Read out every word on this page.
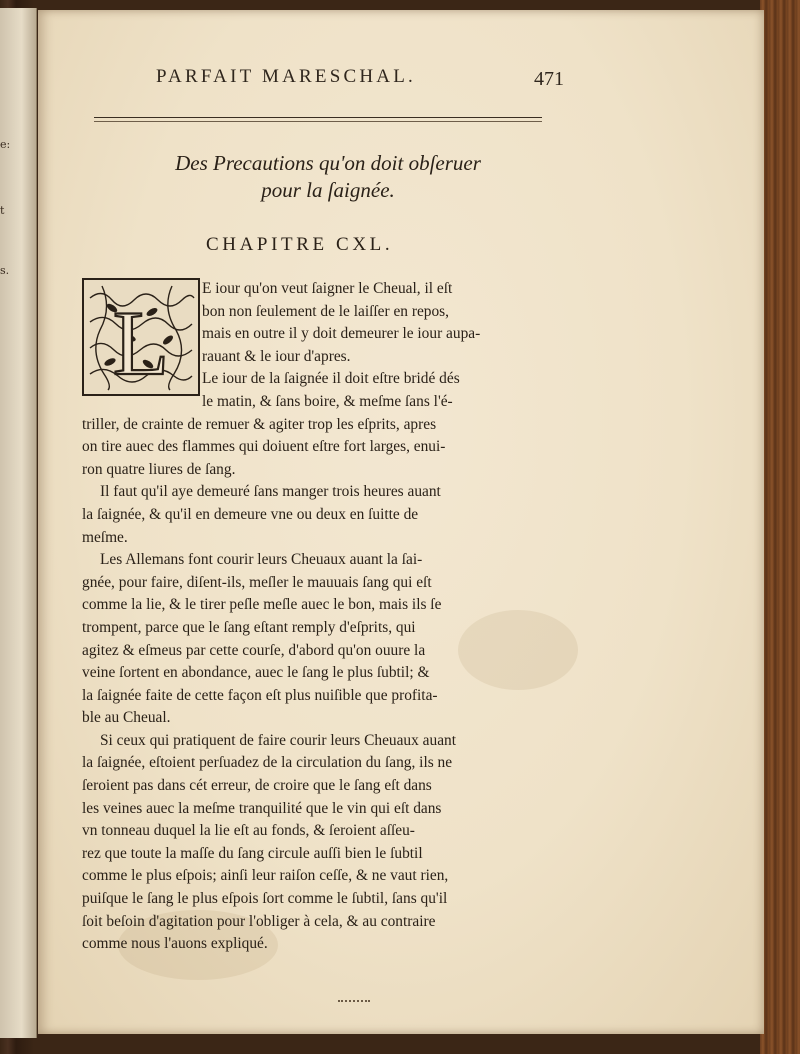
e:
t
s.
PARFAIT MARESCHAL.	471
Des Precautions qu'on doit obſeruer
pour la ſaignée.
CHAPITRE CXL.
E iour qu'on veut ſaigner le Cheual, il eſt
bon non ſeulement de le laiſſer en repos,
mais en outre il y doit demeurer le iour aupa-
rauant & le iour d'apres.
Le iour de la ſaignée il doit eſtre bridé dés
le matin, & ſans boire, & meſme ſans l'é-
triller, de crainte de remuer & agiter trop les eſprits, apres
on tire auec des flammes qui doiuent eſtre fort larges, enui-
ron quatre liures de ſang.
Il faut qu'il aye demeuré ſans manger trois heures auant
la ſaignée, & qu'il en demeure vne ou deux en ſuitte de
meſme.
Les Allemans font courir leurs Cheuaux auant la ſai-
gnée, pour faire, diſent-ils, meſler le mauuais ſang qui eſt
comme la lie, & le tirer peſle meſle auec le bon, mais ils ſe
trompent, parce que le ſang eſtant remply d'eſprits, qui
agitez & eſmeus par cette courſe, d'abord qu'on ouure la
veine ſortent en abondance, auec le ſang le plus ſubtil; &
la ſaignée faite de cette façon eſt plus nuiſible que profita-
ble au Cheual.
Si ceux qui pratiquent de faire courir leurs Cheuaux auant
la ſaignée, eſtoient perſuadez de la circulation du ſang, ils ne
ſeroient pas dans cét erreur, de croire que le ſang eſt dans
les veines auec la meſme tranquilité que le vin qui eſt dans
vn tonneau duquel la lie eſt au fonds, & ſeroient aſſeu-
rez que toute la maſſe du ſang circule auſſi bien le ſubtil
comme le plus eſpois; ainſi leur raiſon ceſſe, & ne vaut rien,
puiſque le ſang le plus eſpois ſort comme le ſubtil, ſans qu'il
ſoit beſoin d'agitation pour l'obliger à cela, & au contraire
comme nous l'auons expliqué.
L
